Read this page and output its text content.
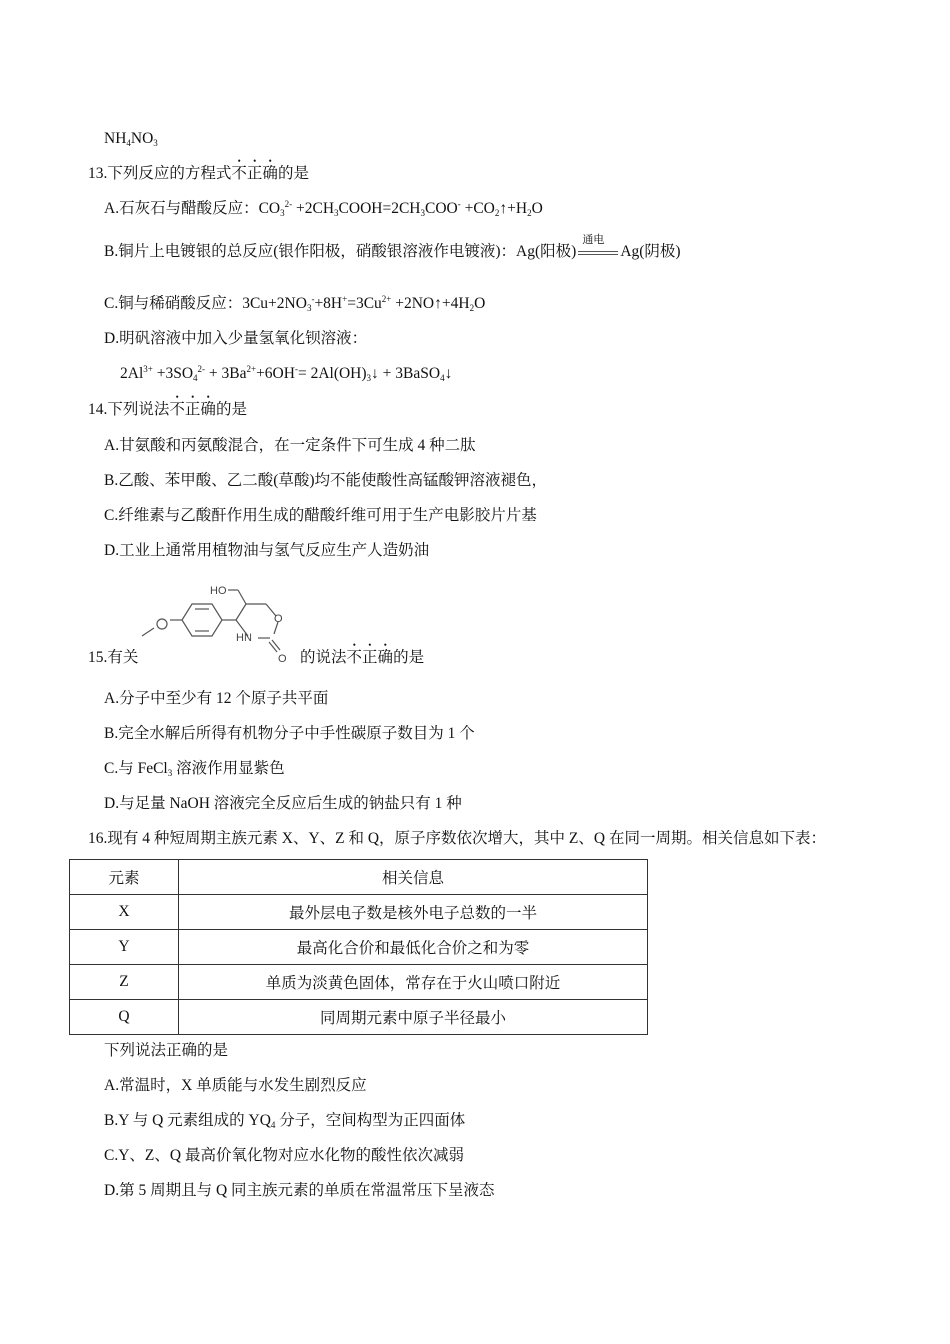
$NH_4NO_3$
13.下列反应的方程式不正确的是
A.石灰石与醋酸反应：$CO_3^{2-}$ $+2CH_3COOH=2CH_3COO^-$ $+CO_2↑+H_2O$
B.铜片上电镀银的总反应(银作阳极，硝酸银溶液作电镀液)：Ag(阳极)
通电
Ag(阴极)
C.铜与稀硝酸反应：$3Cu+2NO_3^-+8H^+=3Cu^{2+}$ $+2NO↑+4H_2O$
D.明矾溶液中加入少量氢氧化钡溶液：
$2Al^{3+} +3SO_4^{2-} + 3Ba^{2+}+6OH^-=$ $2Al(OH)_3↓$ + 3BaSO$_4$↓
14.下列说法不正确的是
A.甘氨酸和丙氨酸混合，在一定条件下可生成 4 种二肽
B.乙酸、苯甲酸、乙二酸(草酸)均不能使酸性高锰酸钾溶液褪色，
C.纤维素与乙酸酐作用生成的醋酸纤维可用于生产电影胶片片基
D.工业上通常用植物油与氢气反应生产人造奶油
HO
HN
O
O
15.有关	的说法不正确的是
A.分子中至少有 12 个原子共平面
B.完全水解后所得有机物分子中手性碳原子数目为 1 个
C.与 FeCl$_3$ 溶液作用显紫色
D.与足量 NaOH 溶液完全反应后生成的钠盐只有 1 种
16.现有 4 种短周期主族元素 X、Y、Z 和 Q，原子序数依次增大，其中 Z、Q 在同一周期。相关信息如下表：
元素	相关信息
X	最外层电子数是核外电子总数的一半
Y	最高化合价和最低化合价之和为零
Z	单质为淡黄色固体，常存在于火山喷口附近
Q	同周期元素中原子半径最小
下列说法正确的是
A.常温时，X 单质能与水发生剧烈反应
B.Y 与 Q 元素组成的 $YQ_4$ 分子，空间构型为正四面体
C.Y、Z、Q 最高价氧化物对应水化物的酸性依次减弱
D.第 5 周期且与 Q 同主族元素的单质在常温常压下呈液态
